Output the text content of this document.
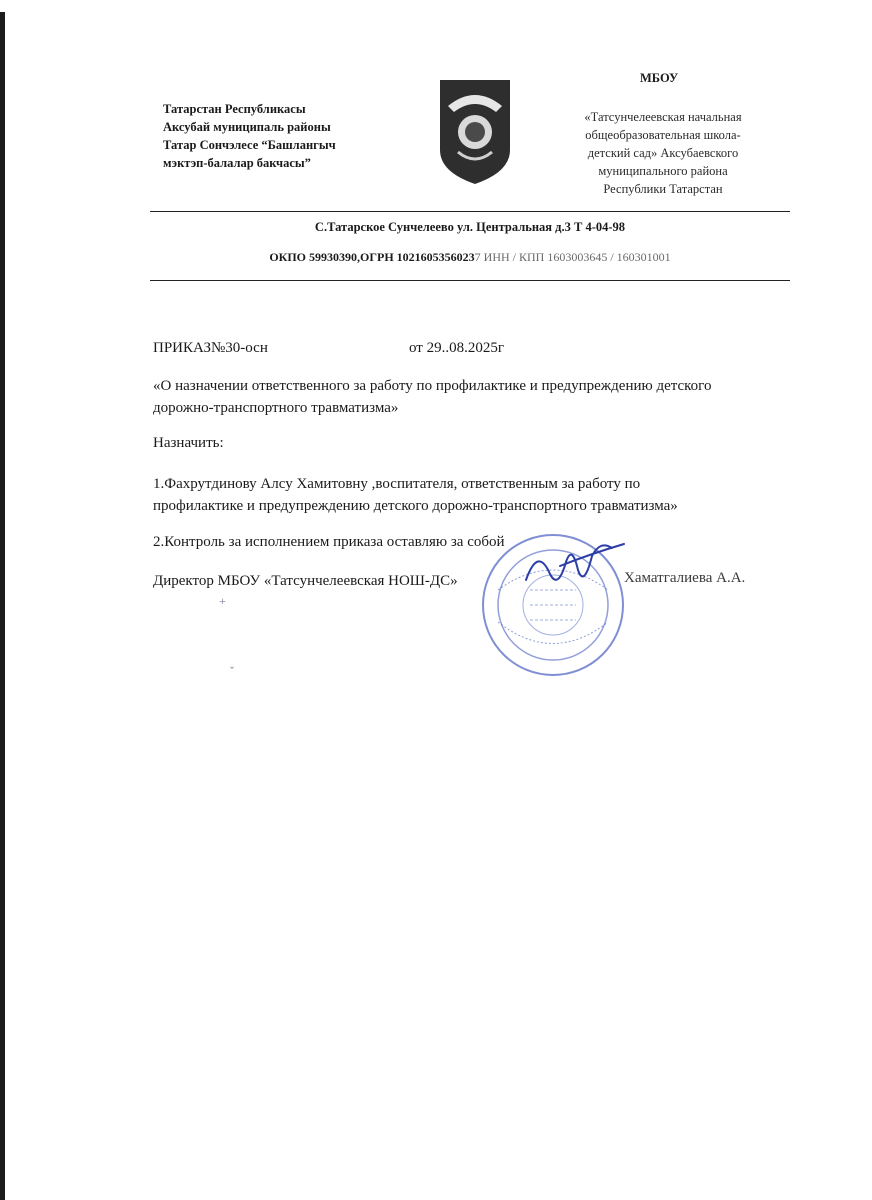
Татарстан Республикасы
Аксубай муниципаль районы
Татар Сончэлесе “Башлангыч
мэктэп-балалар бакчасы”
МБОУ
«Татсунчелеевская начальная
общеобразовательная школа-
детский сад» Аксубаевского
муниципального района
Республики Татарстан
С.Татарское Сунчелеево ул. Центральная д.3 Т 4-04-98
ОКПО 59930390,ОГРН 10216053560237 ИНН / КПП 1603003645 / 160301001
ПРИКАЗ№30-осн	от 29..08.2025г
«О назначении ответственного за работу по профилактике и предупреждению детского
дорожно-транспортного травматизма»
Назначить:
1.Фахрутдинову Алсу Хамитовну ,воспитателя, ответственным за работу по
профилактике и предупреждению детского дорожно-транспортного травматизма»
2.Контроль за исполнением приказа оставляю за собой
Директор МБОУ «Татсунчелеевская НОШ-ДС»	Хаматгалиева А.А.
+
ˇ
